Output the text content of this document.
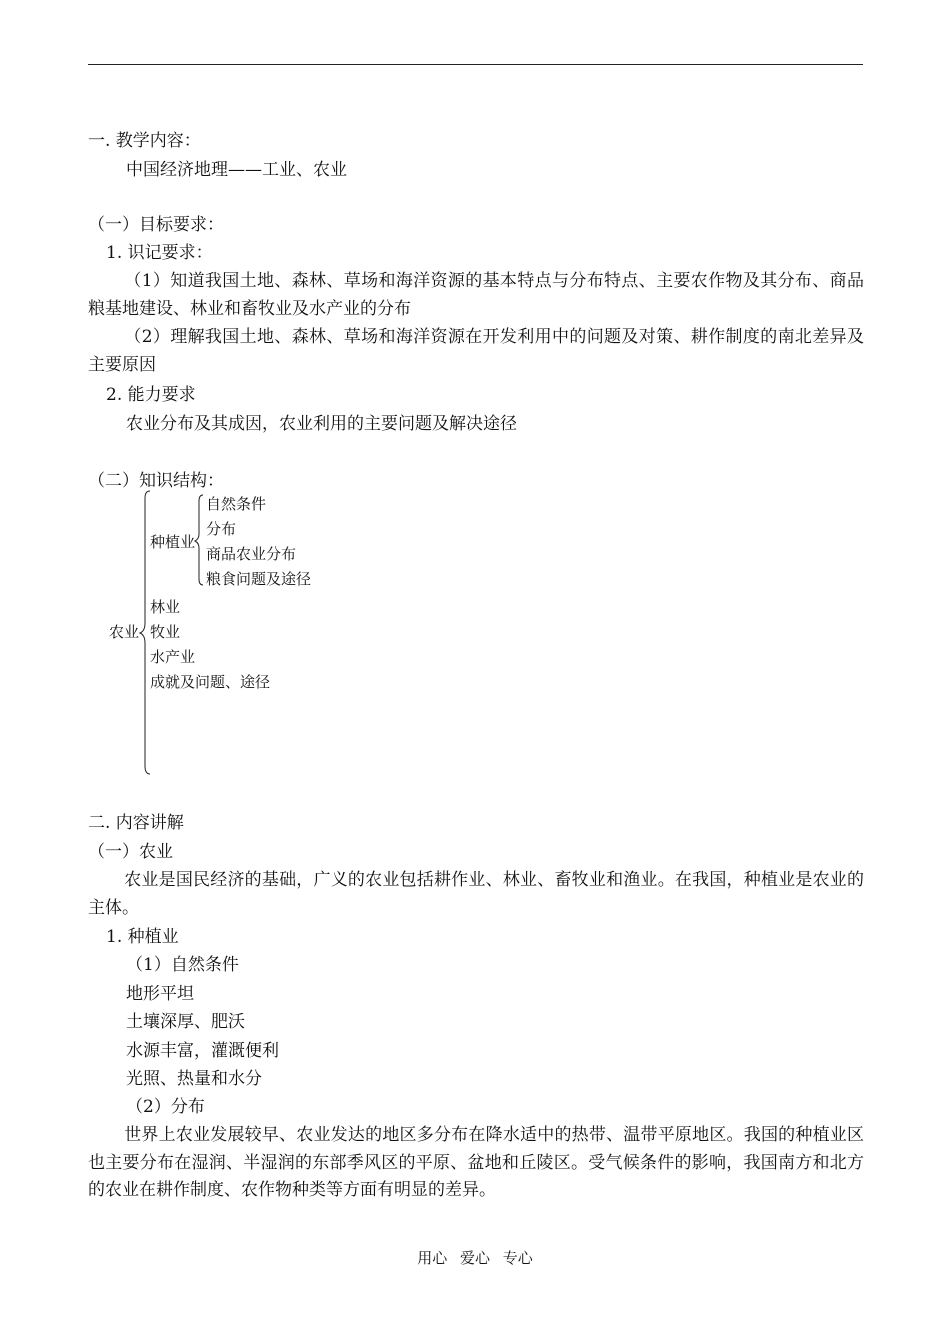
一. 教学内容：
中国经济地理——工业、农业
（一）目标要求：
1. 识记要求：
（1）知道我国土地、森林、草场和海洋资源的基本特点与分布特点、主要农作物及其分布、商品粮基地建设、林业和畜牧业及水产业的分布
（2）理解我国土地、森林、草场和海洋资源在开发利用中的问题及对策、耕作制度的南北差异及主要原因
2. 能力要求
农业分布及其成因，农业利用的主要问题及解决途径
（二）知识结构：
农业
种植业
自然条件
分布
商品农业分布
粮食问题及途径
林业
牧业
水产业
成就及问题、途径
二. 内容讲解
（一）农业
农业是国民经济的基础，广义的农业包括耕作业、林业、畜牧业和渔业。在我国，种植业是农业的主体。
1. 种植业
（1）自然条件
地形平坦
土壤深厚、肥沃
水源丰富，灌溉便利
光照、热量和水分
（2）分布
世界上农业发展较早、农业发达的地区多分布在降水适中的热带、温带平原地区。我国的种植业区也主要分布在湿润、半湿润的东部季风区的平原、盆地和丘陵区。受气候条件的影响，我国南方和北方的农业在耕作制度、农作物种类等方面有明显的差异。
用心 爱心 专心
